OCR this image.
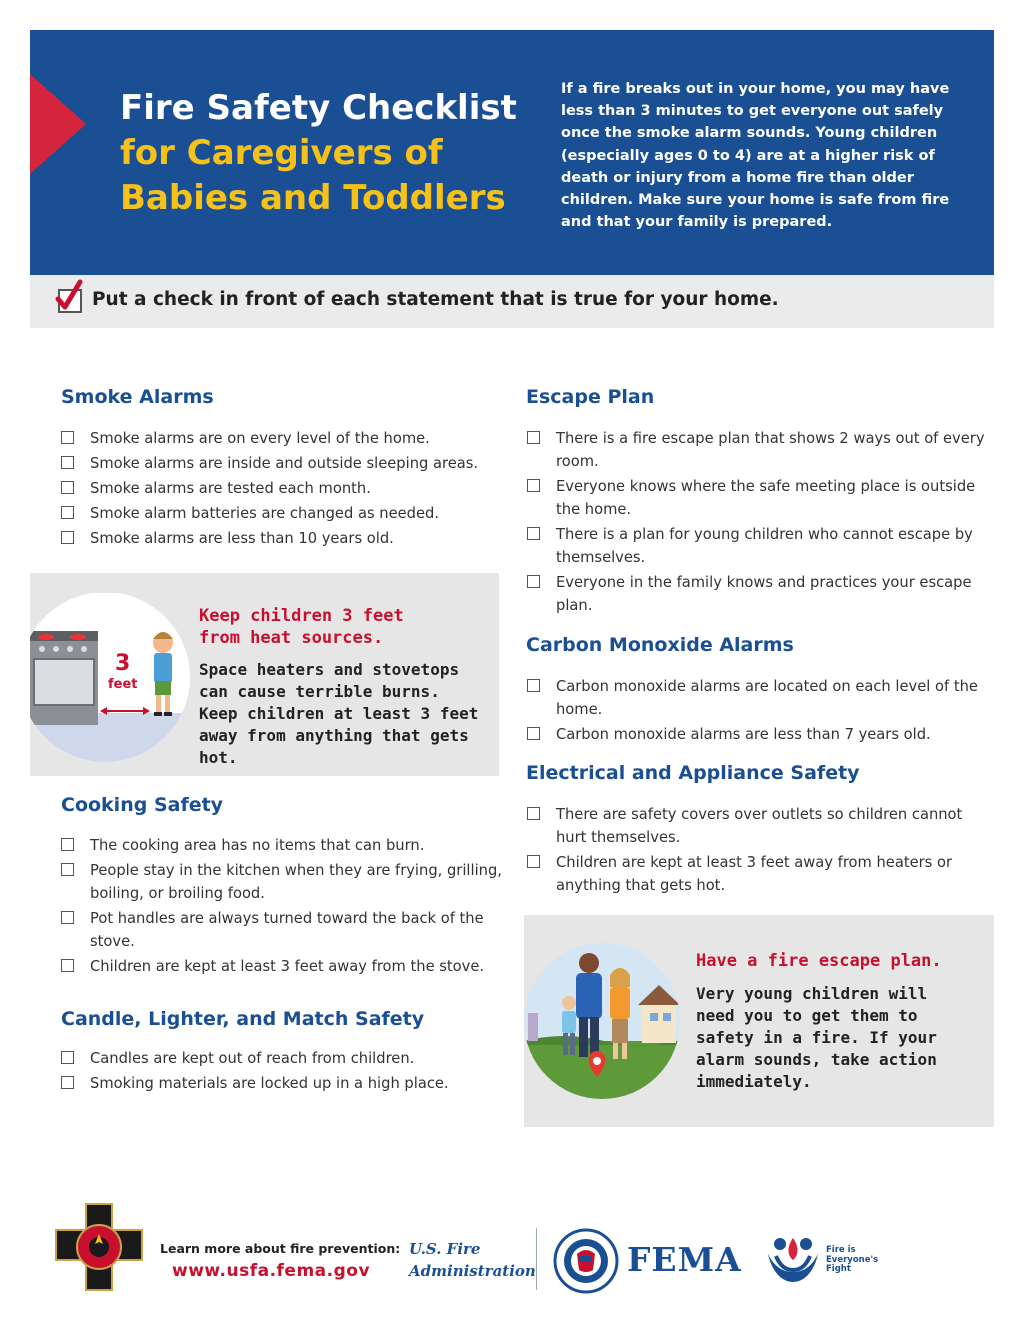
Fire Safety Checklist
for Caregivers of
Babies and Toddlers

If a fire breaks out in your home, you may have less than 3 minutes to get everyone out safely once the smoke alarm sounds. Young children (especially ages 0 to 4) are at a higher risk of death or injury from a home fire than older children. Make sure your home is safe from fire and that your family is prepared.

Put a check in front of each statement that is true for your home.
Smoke Alarms
Smoke alarms are on every level of the home.
Smoke alarms are inside and outside sleeping areas.
Smoke alarms are tested each month.
Smoke alarm batteries are changed as needed.
Smoke alarms are less than 10 years old.
3
feet
Keep children 3 feet from heat sources.
Space heaters and stovetops can cause terrible burns. Keep children at least 3 feet away from anything that gets hot.
Cooking Safety
The cooking area has no items that can burn.
People stay in the kitchen when they are frying, grilling, boiling, or broiling food.
Pot handles are always turned toward the back of the stove.
Children are kept at least 3 feet away from the stove.
Candle, Lighter, and Match Safety
Candles are kept out of reach from children.
Smoking materials are locked up in a high place.
Escape Plan
There is a fire escape plan that shows 2 ways out of every room.
Everyone knows where the safe meeting place is outside the home.
There is a plan for young children who cannot escape by themselves.
Everyone in the family knows and practices your escape plan.
Carbon Monoxide Alarms
Carbon monoxide alarms are located on each level of the home.
Carbon monoxide alarms are less than 7 years old.
Electrical and Appliance Safety
There are safety covers over outlets so children cannot hurt themselves.
Children are kept at least 3 feet away from heaters or anything that gets hot.
Have a fire escape plan.
Very young children will need you to get them to safety in a fire. If your alarm sounds, take action immediately.
Learn more about fire prevention:
www.usfa.fema.gov
U.S. Fire
Administration	FEMA	Fire is
Everyone's
Fight
